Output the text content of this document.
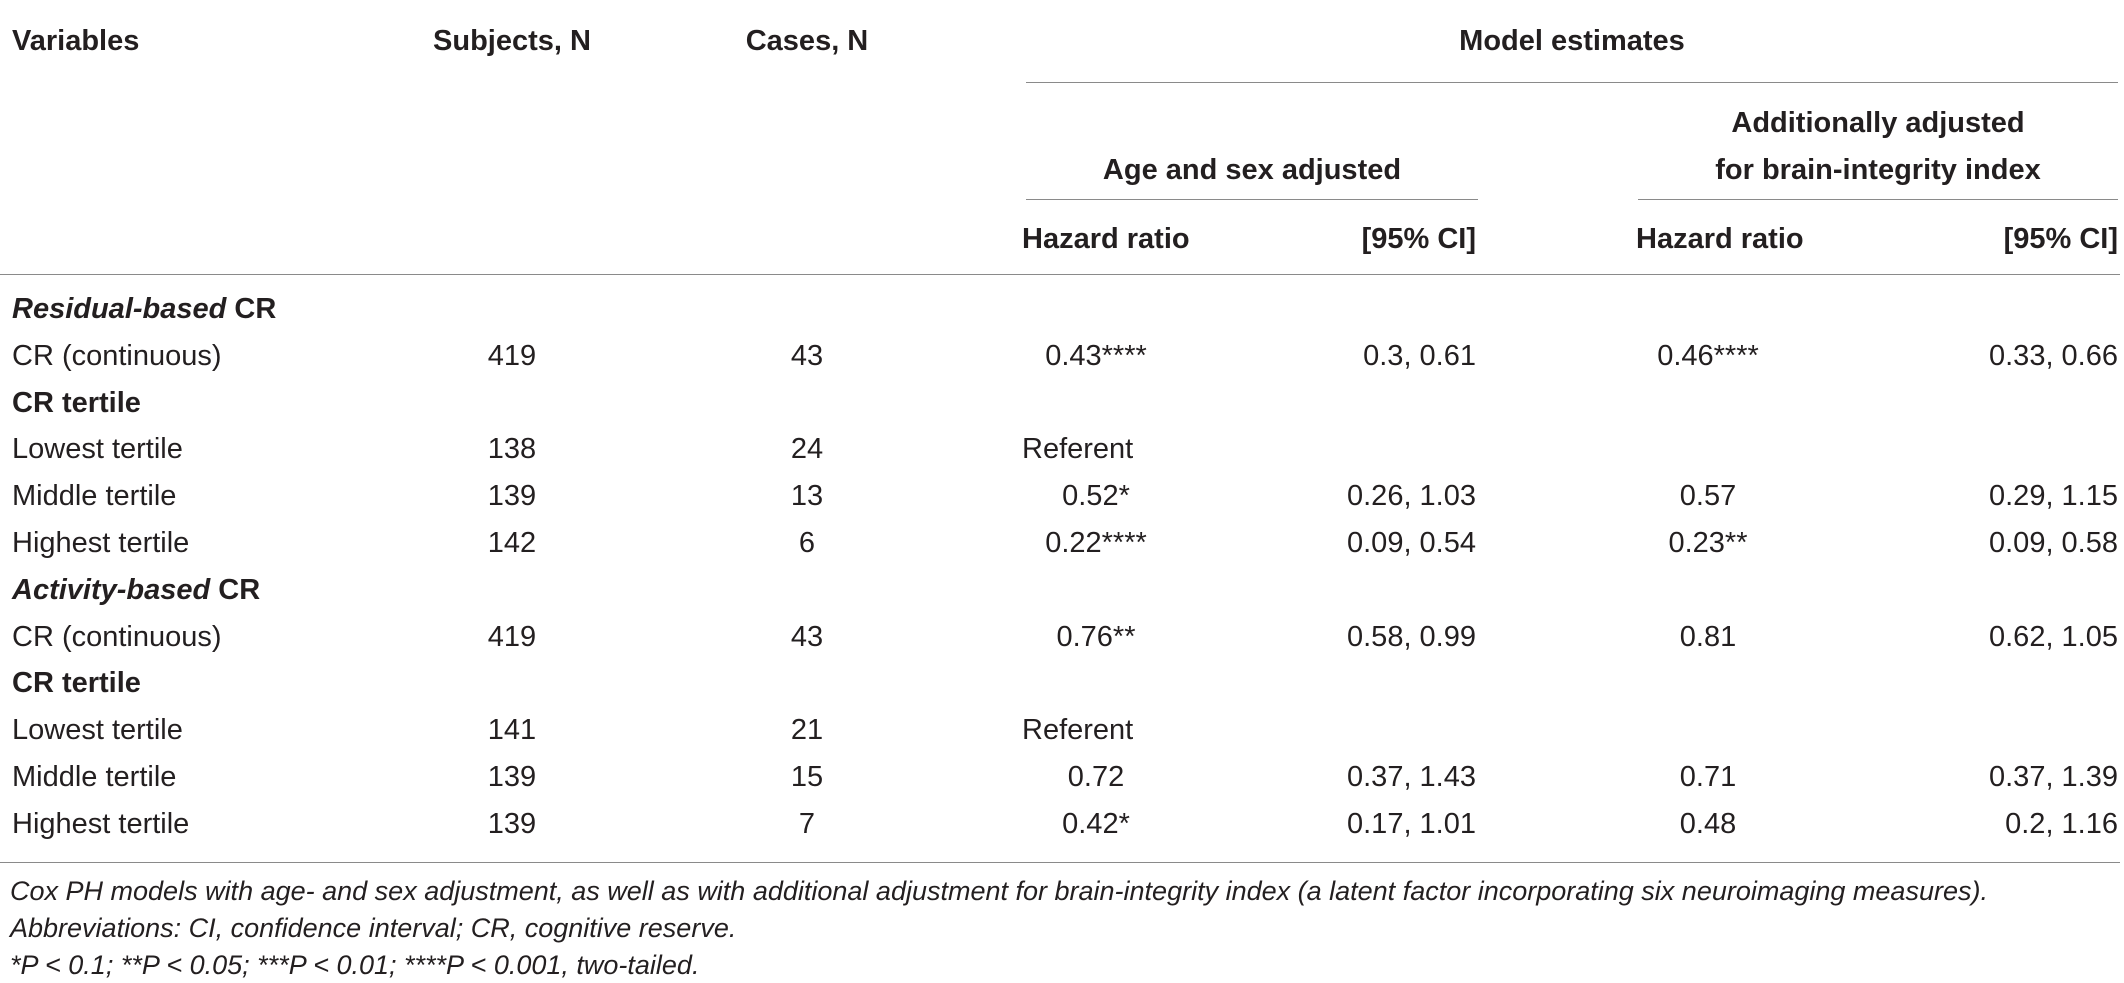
Variables	Subjects, N	Cases, N	Model estimates
Age and sex adjusted
Additionally adjusted
for brain-integrity index
Hazard ratio	[95% CI]	Hazard ratio	[95% CI]
Residual-based CR
CR (continuous)	419	43	0.43****	0.3, 0.61	0.46****	0.33, 0.66
CR tertile
Lowest tertile	138	24	Referent
Middle tertile	139	13	0.52*	0.26, 1.03	0.57	0.29, 1.15
Highest tertile	142	6	0.22****	0.09, 0.54	0.23**	0.09, 0.58
Activity-based CR
CR (continuous)	419	43	0.76**	0.58, 0.99	0.81	0.62, 1.05
CR tertile
Lowest tertile	141	21	Referent
Middle tertile	139	15	0.72	0.37, 1.43	0.71	0.37, 1.39
Highest tertile	139	7	0.42*	0.17, 1.01	0.48	0.2, 1.16
Cox PH models with age- and sex adjustment, as well as with additional adjustment for brain-integrity index (a latent factor incorporating six neuroimaging measures).
Abbreviations: CI, confidence interval; CR, cognitive reserve.
*P < 0.1; **P < 0.05; ***P < 0.01; ****P < 0.001, two-tailed.
